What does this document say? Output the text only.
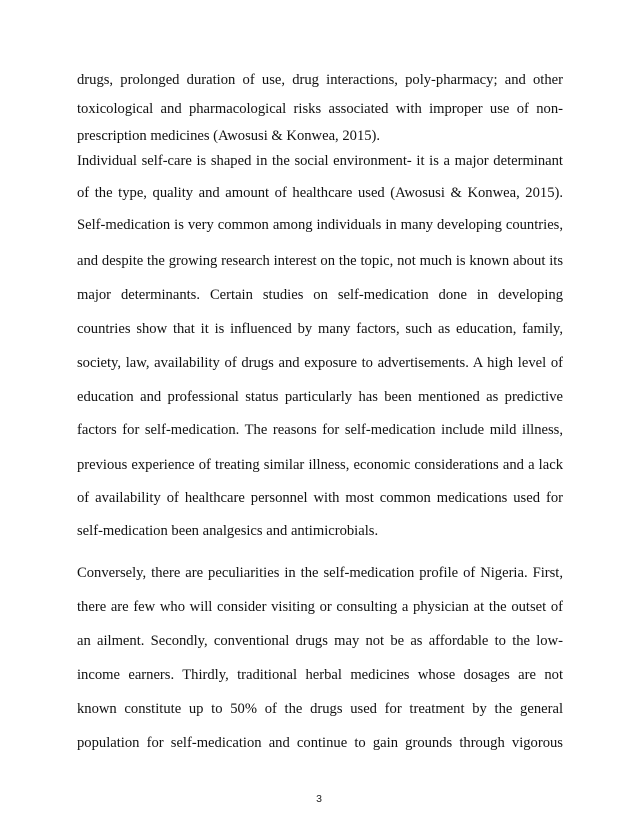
drugs, prolonged duration of use, drug interactions, poly-pharmacy; and other
toxicological and pharmacological risks associated with improper use of non-
prescription medicines (Awosusi & Konwea, 2015).
Individual self-care is shaped in the social environment- it is a major determinant
of the type, quality and amount of healthcare used (Awosusi & Konwea, 2015).
Self-medication is very common among individuals in many developing countries,
and despite the growing research interest on the topic, not much is known about its
major determinants. Certain studies on self-medication done in developing
countries show that it is influenced by many factors, such as education, family,
society, law, availability of drugs and exposure to advertisements. A high level of
education and professional status particularly has been mentioned as predictive
factors for self-medication. The reasons for self-medication include mild illness,
previous experience of treating similar illness, economic considerations and a lack
of availability of healthcare personnel with most common medications used for
self-medication been analgesics and antimicrobials.
Conversely, there are peculiarities in the self-medication profile of Nigeria. First,
there are few who will consider visiting or consulting a physician at the outset of
an ailment. Secondly, conventional drugs may not be as affordable to the low-
income earners. Thirdly, traditional herbal medicines whose dosages are not
known constitute up to 50% of the drugs used for treatment by the general
population for self-medication and continue to gain grounds through vigorous
3
